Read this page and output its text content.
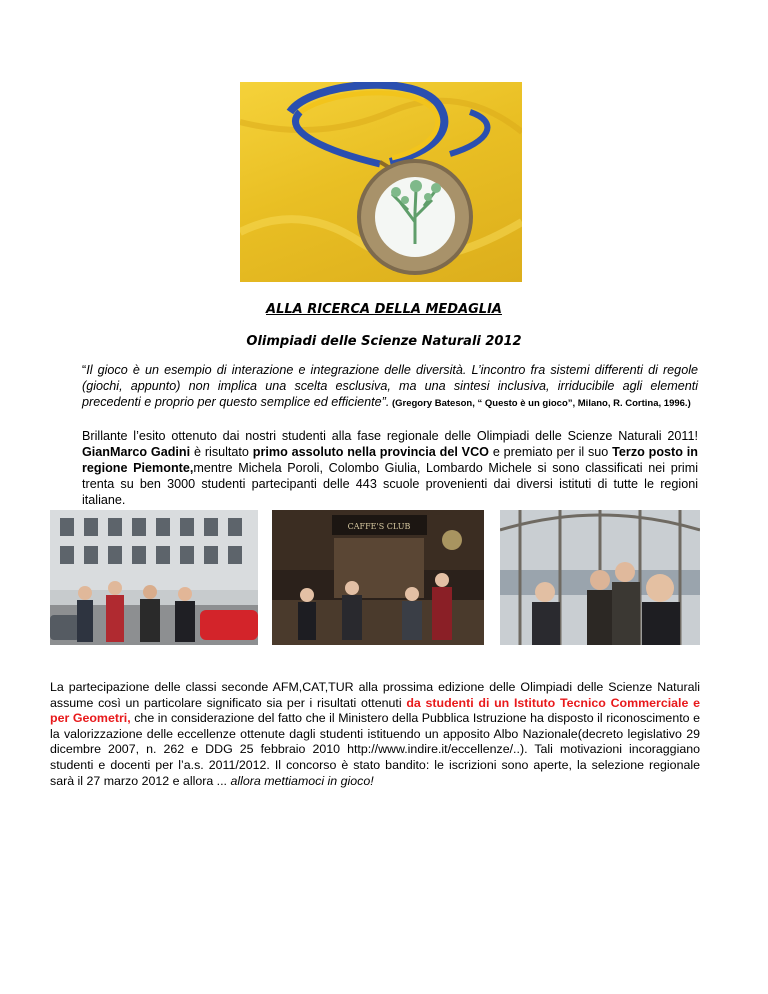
ALLA RICERCA DELLA MEDAGLIA
Olimpiadi delle Scienze Naturali 2012
“Il gioco è un esempio di interazione e integrazione delle diversità. L’incontro fra sistemi differenti di regole (giochi, appunto) non implica una scelta esclusiva, ma una sintesi inclusiva, irriducibile agli elementi precedenti e proprio per questo semplice ed efficiente”. (Gregory Bateson, “ Questo è un gioco”, Milano, R. Cortina, 1996.)
Brillante l’esito ottenuto dai nostri studenti alla fase regionale delle Olimpiadi delle Scienze Naturali 2011! GianMarco Gadini è risultato primo assoluto nella provincia del VCO e premiato per il suo Terzo posto in regione Piemonte,mentre Michela Poroli, Colombo Giulia, Lombardo Michele si sono classificati nei primi trenta su ben 3000 studenti partecipanti delle 443 scuole provenienti dai diversi istituti di tutte le regioni italiane.
CAFFE'S CLUB
La partecipazione delle classi seconde AFM,CAT,TUR alla prossima edizione delle Olimpiadi delle Scienze Naturali assume così un particolare significato sia per i risultati ottenuti da studenti di un Istituto Tecnico Commerciale e per Geometri, che in considerazione del fatto che il Ministero della Pubblica Istruzione ha disposto il riconoscimento e la valorizzazione delle eccellenze ottenute dagli studenti istituendo un apposito Albo Nazionale(decreto legislativo 29 dicembre 2007, n. 262 e DDG 25 febbraio 2010 http://www.indire.it/eccellenze/..). Tali motivazioni incoraggiano studenti e docenti per l’a.s. 2011/2012. Il concorso è stato bandito: le iscrizioni sono aperte, la selezione regionale sarà il 27 marzo 2012 e allora ... allora mettiamoci in gioco!
